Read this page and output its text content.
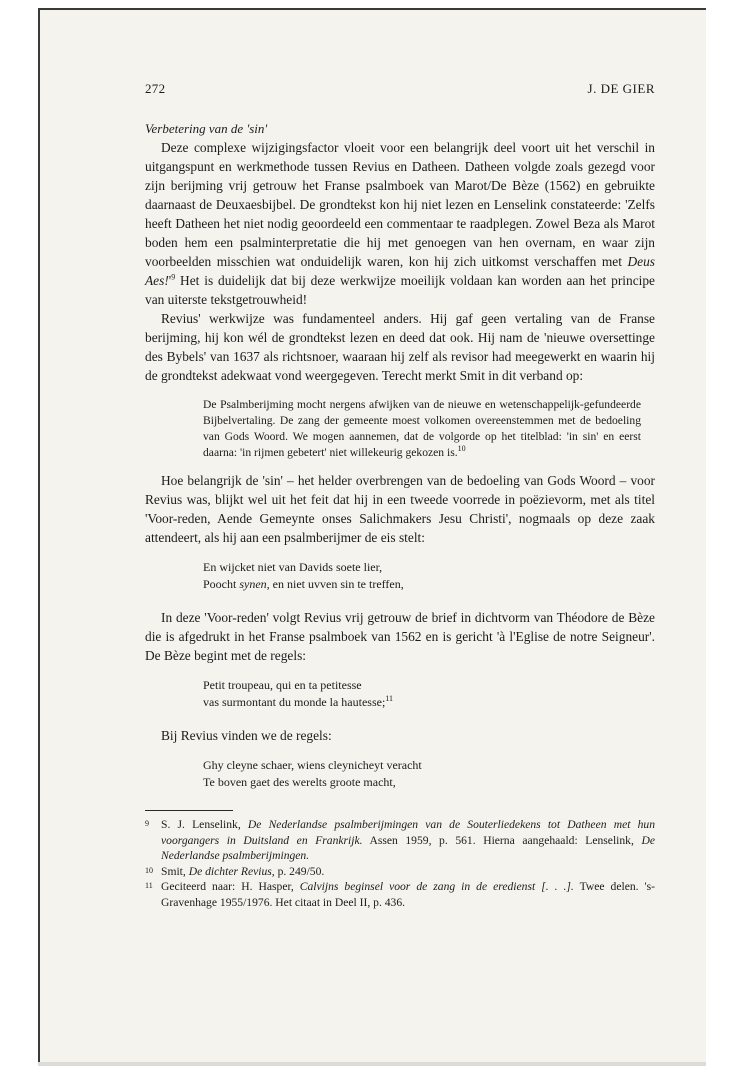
272	J. DE GIER
Verbetering van de 'sin'

Deze complexe wijzigingsfactor vloeit voor een belangrijk deel voort uit het verschil in uitgangspunt en werkmethode tussen Revius en Datheen. Datheen volgde zoals gezegd voor zijn berijming vrij getrouw het Franse psalmboek van Marot/De Bèze (1562) en gebruikte daarnaast de Deuxaesbijbel. De grondtekst kon hij niet lezen en Lenselink constateerde: 'Zelfs heeft Datheen het niet nodig geoordeeld een commentaar te raadplegen. Zowel Beza als Marot boden hem een psalminterpretatie die hij met genoegen van hen overnam, en waar zijn voorbeelden misschien wat onduidelijk waren, kon hij zich uitkomst verschaffen met Deus Aes!'$^9$ Het is duidelijk dat bij deze werkwijze moeilijk voldaan kan worden aan het principe van uiterste tekstgetrouwheid!

Revius' werkwijze was fundamenteel anders. Hij gaf geen vertaling van de Franse berijming, hij kon wél de grondtekst lezen en deed dat ook. Hij nam de 'nieuwe oversettinge des Bybels' van 1637 als richtsnoer, waaraan hij zelf als revisor had meegewerkt en waarin hij de grondtekst adekwaat vond weergegeven. Terecht merkt Smit in dit verband op:

De Psalmberijming mocht nergens afwijken van de nieuwe en wetenschappelijk-gefundeerde Bijbelvertaling. De zang der gemeente moest volkomen overeenstemmen met de bedoeling van Gods Woord. We mogen aannemen, dat de volgorde op het titelblad: 'in sin' en eerst daarna: 'in rijmen gebetert' niet willekeurig gekozen is.$^{10}$

Hoe belangrijk de 'sin' – het helder overbrengen van de bedoeling van Gods Woord – voor Revius was, blijkt wel uit het feit dat hij in een tweede voorrede in poëzievorm, met als titel 'Voor-reden, Aende Gemeynte onses Salichmakers Jesu Christi', nogmaals op deze zaak attendeert, als hij aan een psalmberijmer de eis stelt:

En wijcket niet van Davids soete lier,
Poocht synen, en niet uvven sin te treffen,

In deze 'Voor-reden' volgt Revius vrij getrouw de brief in dichtvorm van Théodore de Bèze die is afgedrukt in het Franse psalmboek van 1562 en is gericht 'à l'Eglise de notre Seigneur'. De Bèze begint met de regels:

Petit troupeau, qui en ta petitesse
vas surmontant du monde la hautesse;$^{11}$

Bij Revius vinden we de regels:

Ghy cleyne schaer, wiens cleynicheyt veracht
Te boven gaet des werelts groote macht,
9	S. J. Lenselink, De Nederlandse psalmberijmingen van de Souterliedekens tot Datheen met hun voorgangers in Duitsland en Frankrijk. Assen 1959, p. 561. Hierna aangehaald: Lenselink, De Nederlandse psalmberijmingen.
10 Smit, De dichter Revius, p. 249/50.
11 Geciteerd naar: H. Hasper, Calvijns beginsel voor de zang in de eredienst [. . .]. Twee delen. 's-Gravenhage 1955/1976. Het citaat in Deel II, p. 436.
